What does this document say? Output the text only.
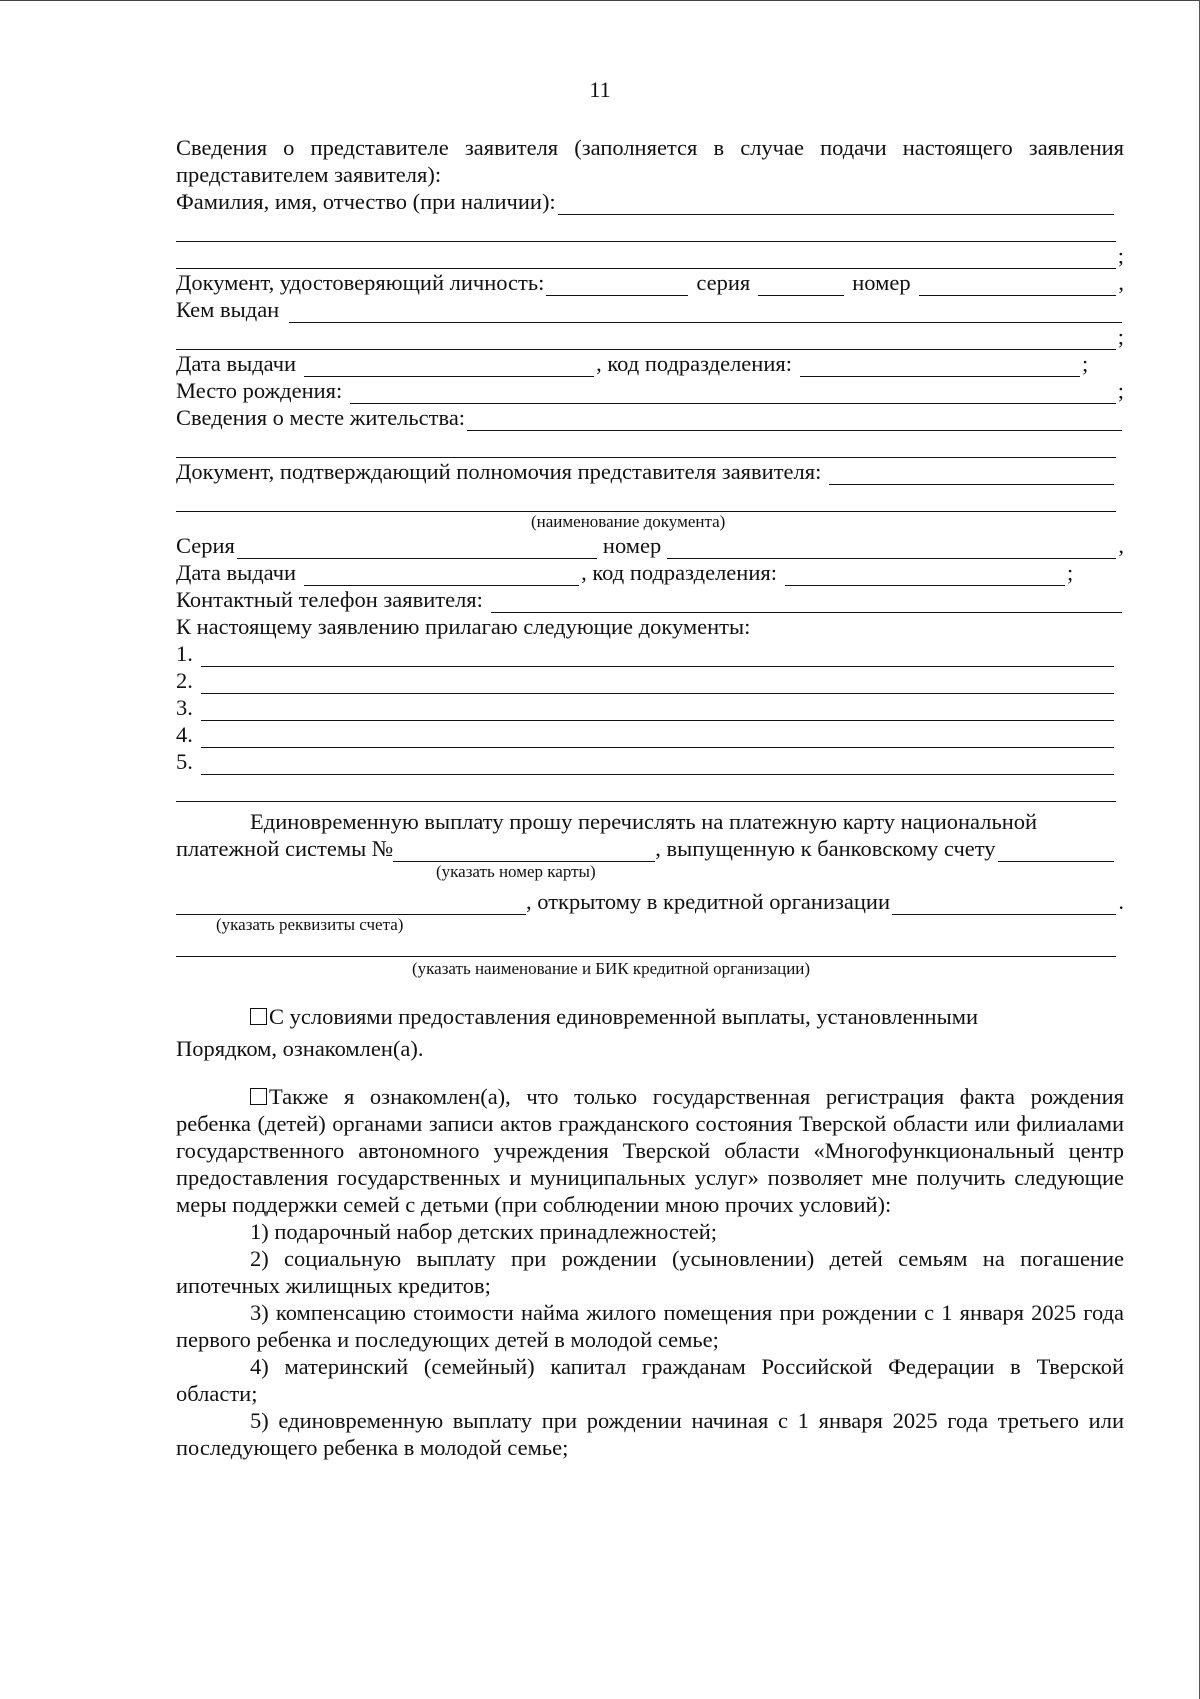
11

Сведения о представителе заявителя (заполняется в случае подачи настоящего заявления представителем заявителя):

Фамилия, имя, отчество (при наличии):
;
Документ, удостоверяющий личность:	серия	номер	,
Кем выдан
;
Дата выдачи	, код подразделения:	;
Место рождения:	;
Сведения о месте жительства:
Документ, подтверждающий полномочия представителя заявителя:
(наименование документа)
Серия	номер	,
Дата выдачи	, код подразделения:	;
Контактный телефон заявителя:
К настоящему заявлению прилагаю следующие документы:
1.
2.
3.
4.
5.

Единовременную выплату прошу перечислять на платежную карту национальной

платежной системы №	, выпущенную к банковскому счету
(указать номер карты)
, открытому в кредитной организации	.
(указать реквизиты счета)
(указать наименование и БИК кредитной организации)

С условиями предоставления единовременной выплаты, установленными

Порядком, ознакомлен(а).

Также я ознакомлен(а), что только государственная регистрация факта рождения ребенка (детей) органами записи актов гражданского состояния Тверской области или филиалами государственного автономного учреждения Тверской области «Многофункциональный центр предоставления государственных и муниципальных услуг» позволяет мне получить следующие меры поддержки семей с детьми (при соблюдении мною прочих условий):

1) подарочный набор детских принадлежностей;

2) социальную выплату при рождении (усыновлении) детей семьям на погашение ипотечных жилищных кредитов;

3) компенсацию стоимости найма жилого помещения при рождении с 1 января 2025 года первого ребенка и последующих детей в молодой семье;

4) материнский (семейный) капитал гражданам Российской Федерации в Тверской области;

5) единовременную выплату при рождении начиная с 1 января 2025 года третьего или последующего ребенка в молодой семье;
